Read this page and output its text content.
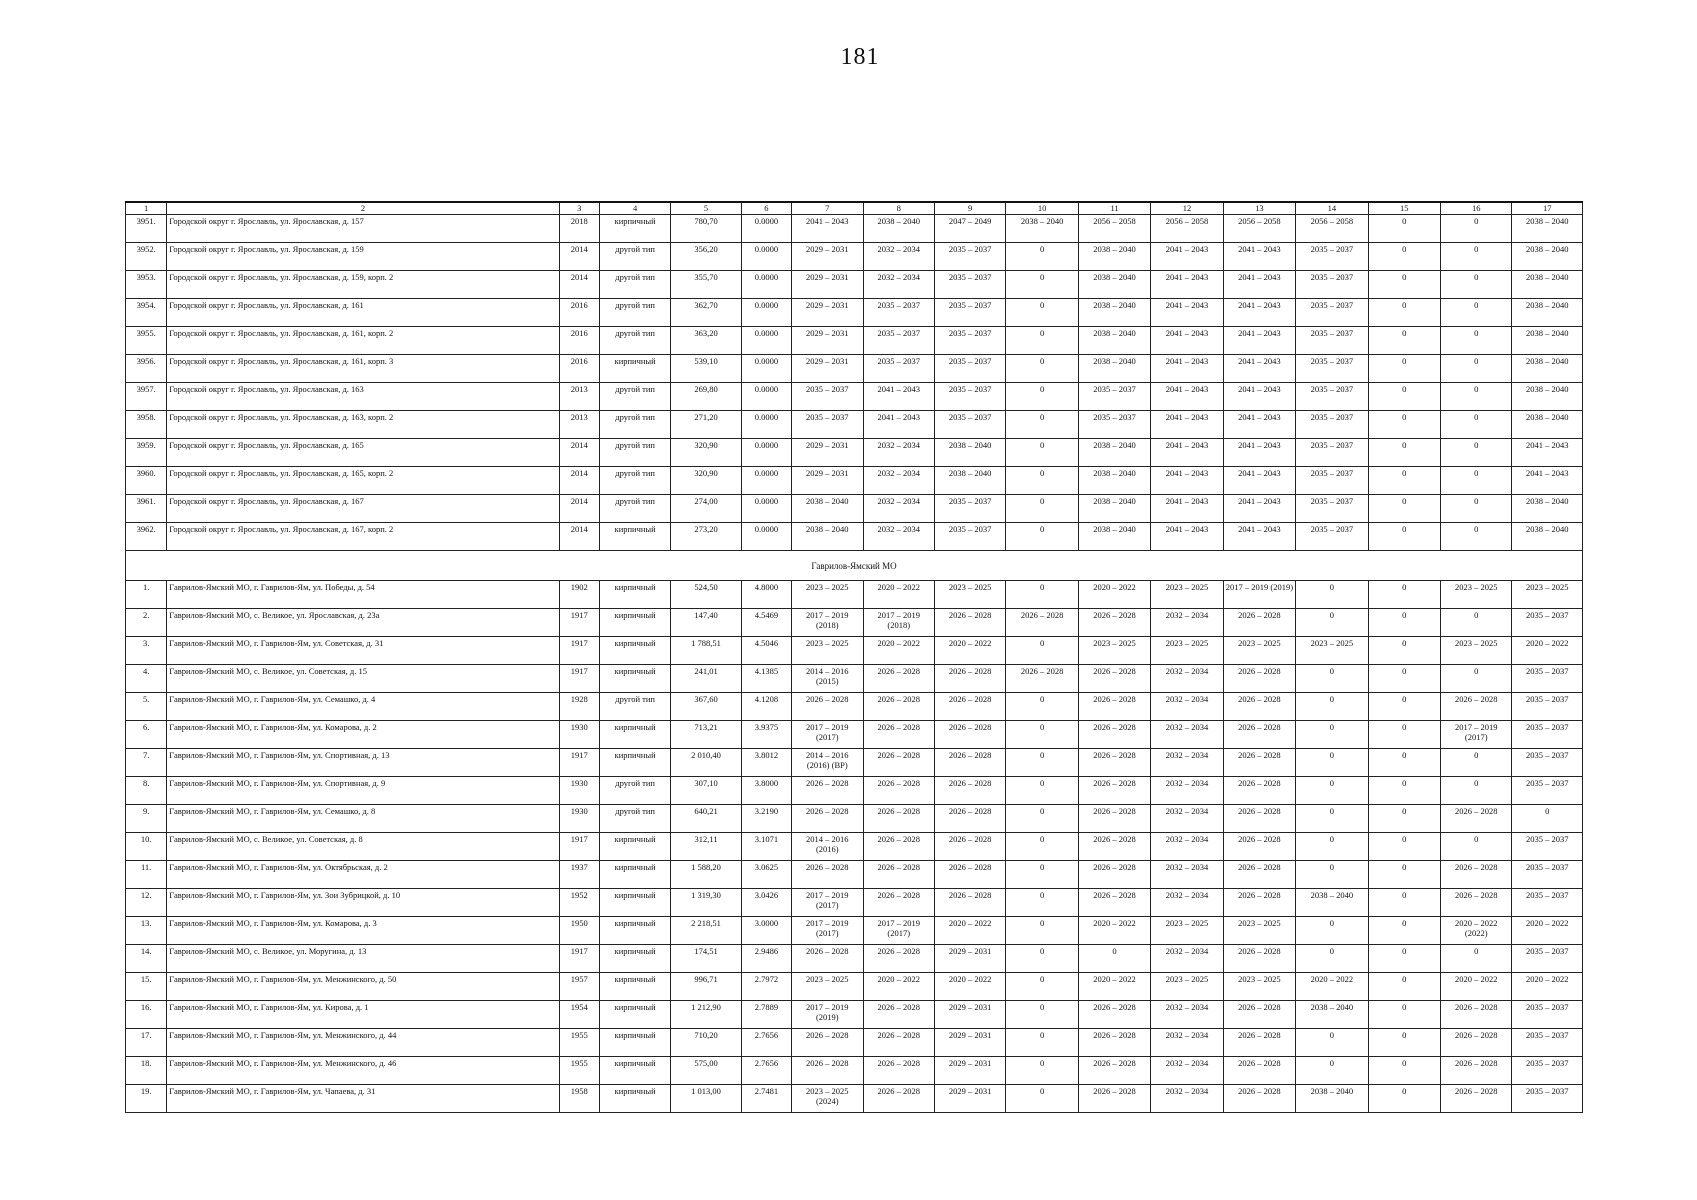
181
1	2	3	4	5	6	7	8	9	10	11	12	13	14	15	16	17
3951.	Городской округ г. Ярославль, ул. Ярославская, д. 157	2018	кирпичный	780,70	0.0000	2041 – 2043	2038 – 2040	2047 – 2049	2038 – 2040	2056 – 2058	2056 – 2058	2056 – 2058	2056 – 2058	0	0	2038 – 2040
3952.	Городской округ г. Ярославль, ул. Ярославская, д. 159	2014	другой тип	356,20	0.0000	2029 – 2031	2032 – 2034	2035 – 2037	0	2038 – 2040	2041 – 2043	2041 – 2043	2035 – 2037	0	0	2038 – 2040
3953.	Городской округ г. Ярославль, ул. Ярославская, д. 159, корп. 2	2014	другой тип	355,70	0.0000	2029 – 2031	2032 – 2034	2035 – 2037	0	2038 – 2040	2041 – 2043	2041 – 2043	2035 – 2037	0	0	2038 – 2040
3954.	Городской округ г. Ярославль, ул. Ярославская, д. 161	2016	другой тип	362,70	0.0000	2029 – 2031	2035 – 2037	2035 – 2037	0	2038 – 2040	2041 – 2043	2041 – 2043	2035 – 2037	0	0	2038 – 2040
3955.	Городской округ г. Ярославль, ул. Ярославская, д. 161, корп. 2	2016	другой тип	363,20	0.0000	2029 – 2031	2035 – 2037	2035 – 2037	0	2038 – 2040	2041 – 2043	2041 – 2043	2035 – 2037	0	0	2038 – 2040
3956.	Городской округ г. Ярославль, ул. Ярославская, д. 161, корп. 3	2016	кирпичный	539,10	0.0000	2029 – 2031	2035 – 2037	2035 – 2037	0	2038 – 2040	2041 – 2043	2041 – 2043	2035 – 2037	0	0	2038 – 2040
3957.	Городской округ г. Ярославль, ул. Ярославская, д. 163	2013	другой тип	269,80	0.0000	2035 – 2037	2041 – 2043	2035 – 2037	0	2035 – 2037	2041 – 2043	2041 – 2043	2035 – 2037	0	0	2038 – 2040
3958.	Городской округ г. Ярославль, ул. Ярославская, д. 163, корп. 2	2013	другой тип	271,20	0.0000	2035 – 2037	2041 – 2043	2035 – 2037	0	2035 – 2037	2041 – 2043	2041 – 2043	2035 – 2037	0	0	2038 – 2040
3959.	Городской округ г. Ярославль, ул. Ярославская, д. 165	2014	другой тип	320,90	0.0000	2029 – 2031	2032 – 2034	2038 – 2040	0	2038 – 2040	2041 – 2043	2041 – 2043	2035 – 2037	0	0	2041 – 2043
3960.	Городской округ г. Ярославль, ул. Ярославская, д. 165, корп. 2	2014	другой тип	320,90	0.0000	2029 – 2031	2032 – 2034	2038 – 2040	0	2038 – 2040	2041 – 2043	2041 – 2043	2035 – 2037	0	0	2041 – 2043
3961.	Городской округ г. Ярославль, ул. Ярославская, д. 167	2014	другой тип	274,00	0.0000	2038 – 2040	2032 – 2034	2035 – 2037	0	2038 – 2040	2041 – 2043	2041 – 2043	2035 – 2037	0	0	2038 – 2040
3962.	Городской округ г. Ярославль, ул. Ярославская, д. 167, корп. 2	2014	кирпичный	273,20	0.0000	2038 – 2040	2032 – 2034	2035 – 2037	0	2038 – 2040	2041 – 2043	2041 – 2043	2035 – 2037	0	0	2038 – 2040
Гаврилов-Ямский МО																
1.	Гаврилов-Ямский МО, г. Гаврилов-Ям, ул. Победы, д. 54	1902	кирпичный	524,50	4.8000	2023 – 2025	2020 – 2022	2023 – 2025	0	2020 – 2022	2023 – 2025	2017 – 2019 (2019)	0	0	2023 – 2025	2023 – 2025
2.	Гаврилов-Ямский МО, с. Великое, ул. Ярославская, д. 23а	1917	кирпичный	147,40	4.5469	2017 – 2019 (2018)	2017 – 2019 (2018)	2026 – 2028	2026 – 2028	2026 – 2028	2032 – 2034	2026 – 2028	0	0	0	2035 – 2037
3.	Гаврилов-Ямский МО, г. Гаврилов-Ям, ул. Советская, д. 31	1917	кирпичный	1 788,51	4.5046	2023 – 2025	2020 – 2022	2020 – 2022	0	2023 – 2025	2023 – 2025	2023 – 2025	2023 – 2025	0	2023 – 2025	2020 – 2022
4.	Гаврилов-Ямский МО, с. Великое, ул. Советская, д. 15	1917	кирпичный	241,01	4.1385	2014 – 2016 (2015)	2026 – 2028	2026 – 2028	2026 – 2028	2026 – 2028	2032 – 2034	2026 – 2028	0	0	0	2035 – 2037
5.	Гаврилов-Ямский МО, г. Гаврилов-Ям, ул. Семашко, д. 4	1928	другой тип	367,60	4.1208	2026 – 2028	2026 – 2028	2026 – 2028	0	2026 – 2028	2032 – 2034	2026 – 2028	0	0	2026 – 2028	2035 – 2037
6.	Гаврилов-Ямский МО, г. Гаврилов-Ям, ул. Комарова, д. 2	1930	кирпичный	713,21	3.9375	2017 – 2019 (2017)	2026 – 2028	2026 – 2028	0	2026 – 2028	2032 – 2034	2026 – 2028	0	0	2017 – 2019 (2017)	2035 – 2037
7.	Гаврилов-Ямский МО, г. Гаврилов-Ям, ул. Спортивная, д. 13	1917	кирпичный	2 010,40	3.8012	2014 – 2016 (2016) (ВР)	2026 – 2028	2026 – 2028	0	2026 – 2028	2032 – 2034	2026 – 2028	0	0	0	2035 – 2037
8.	Гаврилов-Ямский МО, г. Гаврилов-Ям, ул. Спортивная, д. 9	1930	другой тип	307,10	3.8000	2026 – 2028	2026 – 2028	2026 – 2028	0	2026 – 2028	2032 – 2034	2026 – 2028	0	0	0	2035 – 2037
9.	Гаврилов-Ямский МО, г. Гаврилов-Ям, ул. Семашко, д. 8	1930	другой тип	640,21	3.2190	2026 – 2028	2026 – 2028	2026 – 2028	0	2026 – 2028	2032 – 2034	2026 – 2028	0	0	2026 – 2028	0
10.	Гаврилов-Ямский МО, с. Великое, ул. Советская, д. 8	1917	кирпичный	312,11	3.1071	2014 – 2016 (2016)	2026 – 2028	2026 – 2028	0	2026 – 2028	2032 – 2034	2026 – 2028	0	0	0	2035 – 2037
11.	Гаврилов-Ямский МО, г. Гаврилов-Ям, ул. Октябрьская, д. 2	1937	кирпичный	1 588,20	3.0625	2026 – 2028	2026 – 2028	2026 – 2028	0	2026 – 2028	2032 – 2034	2026 – 2028	0	0	2026 – 2028	2035 – 2037
12.	Гаврилов-Ямский МО, г. Гаврилов-Ям, ул. Зои Зубрицкой, д. 10	1952	кирпичный	1 319,30	3.0426	2017 – 2019 (2017)	2026 – 2028	2026 – 2028	0	2026 – 2028	2032 – 2034	2026 – 2028	2038 – 2040	0	2026 – 2028	2035 – 2037
13.	Гаврилов-Ямский МО, г. Гаврилов-Ям, ул. Комарова, д. 3	1950	кирпичный	2 218,51	3.0000	2017 – 2019 (2017)	2017 – 2019 (2017)	2020 – 2022	0	2020 – 2022	2023 – 2025	2023 – 2025	0	0	2020 – 2022 (2022)	2020 – 2022
14.	Гаврилов-Ямский МО, с. Великое, ул. Моругина, д. 13	1917	кирпичный	174,51	2.9486	2026 – 2028	2026 – 2028	2029 – 2031	0	0	2032 – 2034	2026 – 2028	0	0	0	2035 – 2037
15.	Гаврилов-Ямский МО, г. Гаврилов-Ям, ул. Менжинского, д. 50	1957	кирпичный	996,71	2.7972	2023 – 2025	2020 – 2022	2020 – 2022	0	2020 – 2022	2023 – 2025	2023 – 2025	2020 – 2022	0	2020 – 2022	2020 – 2022
16.	Гаврилов-Ямский МО, г. Гаврилов-Ям, ул. Кирова, д. 1	1954	кирпичный	1 212,90	2.7889	2017 – 2019 (2019)	2026 – 2028	2029 – 2031	0	2026 – 2028	2032 – 2034	2026 – 2028	2038 – 2040	0	2026 – 2028	2035 – 2037
17.	Гаврилов-Ямский МО, г. Гаврилов-Ям, ул. Менжинского, д. 44	1955	кирпичный	710,20	2.7656	2026 – 2028	2026 – 2028	2029 – 2031	0	2026 – 2028	2032 – 2034	2026 – 2028	0	0	2026 – 2028	2035 – 2037
18.	Гаврилов-Ямский МО, г. Гаврилов-Ям, ул. Менжинского, д. 46	1955	кирпичный	575,00	2.7656	2026 – 2028	2026 – 2028	2029 – 2031	0	2026 – 2028	2032 – 2034	2026 – 2028	0	0	2026 – 2028	2035 – 2037
19.	Гаврилов-Ямский МО, г. Гаврилов-Ям, ул. Чапаева, д. 31	1958	кирпичный	1 013,00	2.7481	2023 – 2025 (2024)	2026 – 2028	2029 – 2031	0	2026 – 2028	2032 – 2034	2026 – 2028	2038 – 2040	0	2026 – 2028	2035 – 2037
